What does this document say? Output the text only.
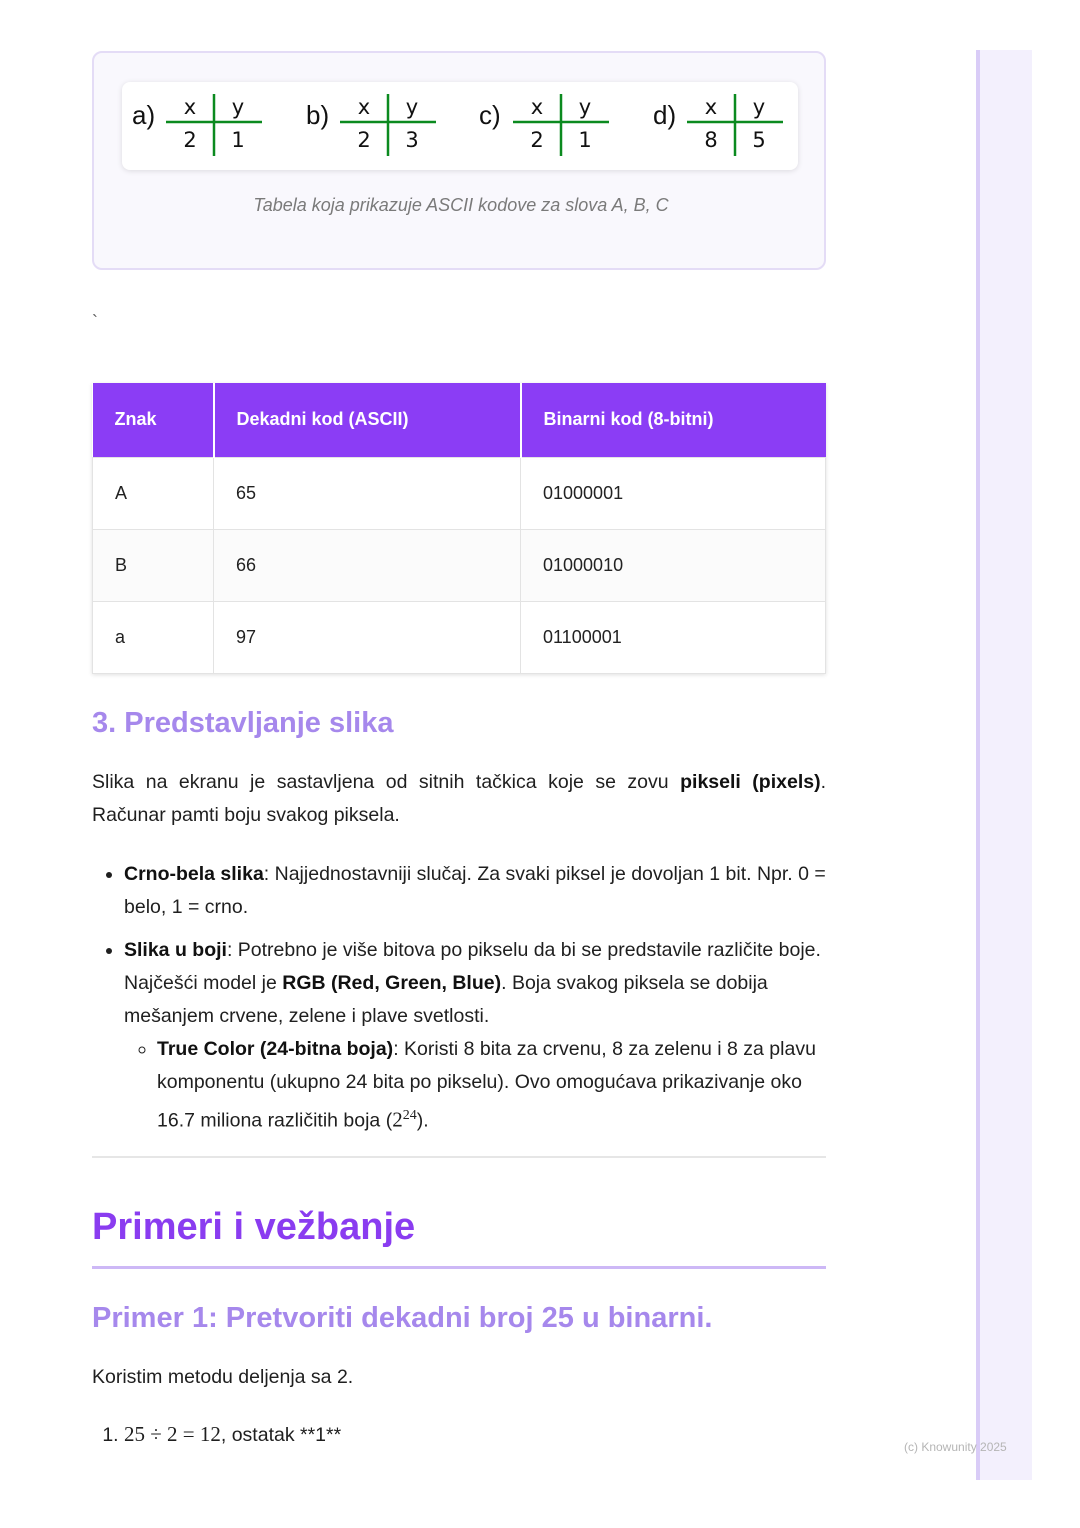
(c) Knowunity 2025
a) x y
2 1
b) x y
2 3
c) x y
2 1
d) x y
8 5
Tabela koja prikazuje ASCII kodove za slova A, B, C
`
Znak	Dekadni kod (ASCII)	Binarni kod (8-bitni)
A	65	01000001
B	66	01000010
a	97	01100001
3. Predstavljanje slika

Slika na ekranu je sastavljena od sitnih tačkica koje se zovu pikseli (pixels). Računar pamti boju svakog piksela.

• Crno-bela slika: Najjednostavniji slučaj. Za svaki piksel je dovoljan 1 bit. Npr. 0 = belo, 1 = crno.
• Slika u boji: Potrebno je više bitova po pikselu da bi se predstavile različite boje. Najčešći model je RGB (Red, Green, Blue). Boja svakog piksela se dobija mešanjem crvene, zelene i plave svetlosti.
◦ True Color (24-bitna boja): Koristi 8 bita za crvenu, 8 za zelenu i 8 za plavu komponentu (ukupno 24 bita po pikselu). Ovo omogućava prikazivanje oko 16.7 miliona različitih boja $(2^{24})$.
Primeri i vežbanje
Primer 1: Pretvoriti dekadni broj 25 u binarni.

Koristim metodu deljenja sa 2.

1. 25 ÷ 2 = 12, ostatak **1**
